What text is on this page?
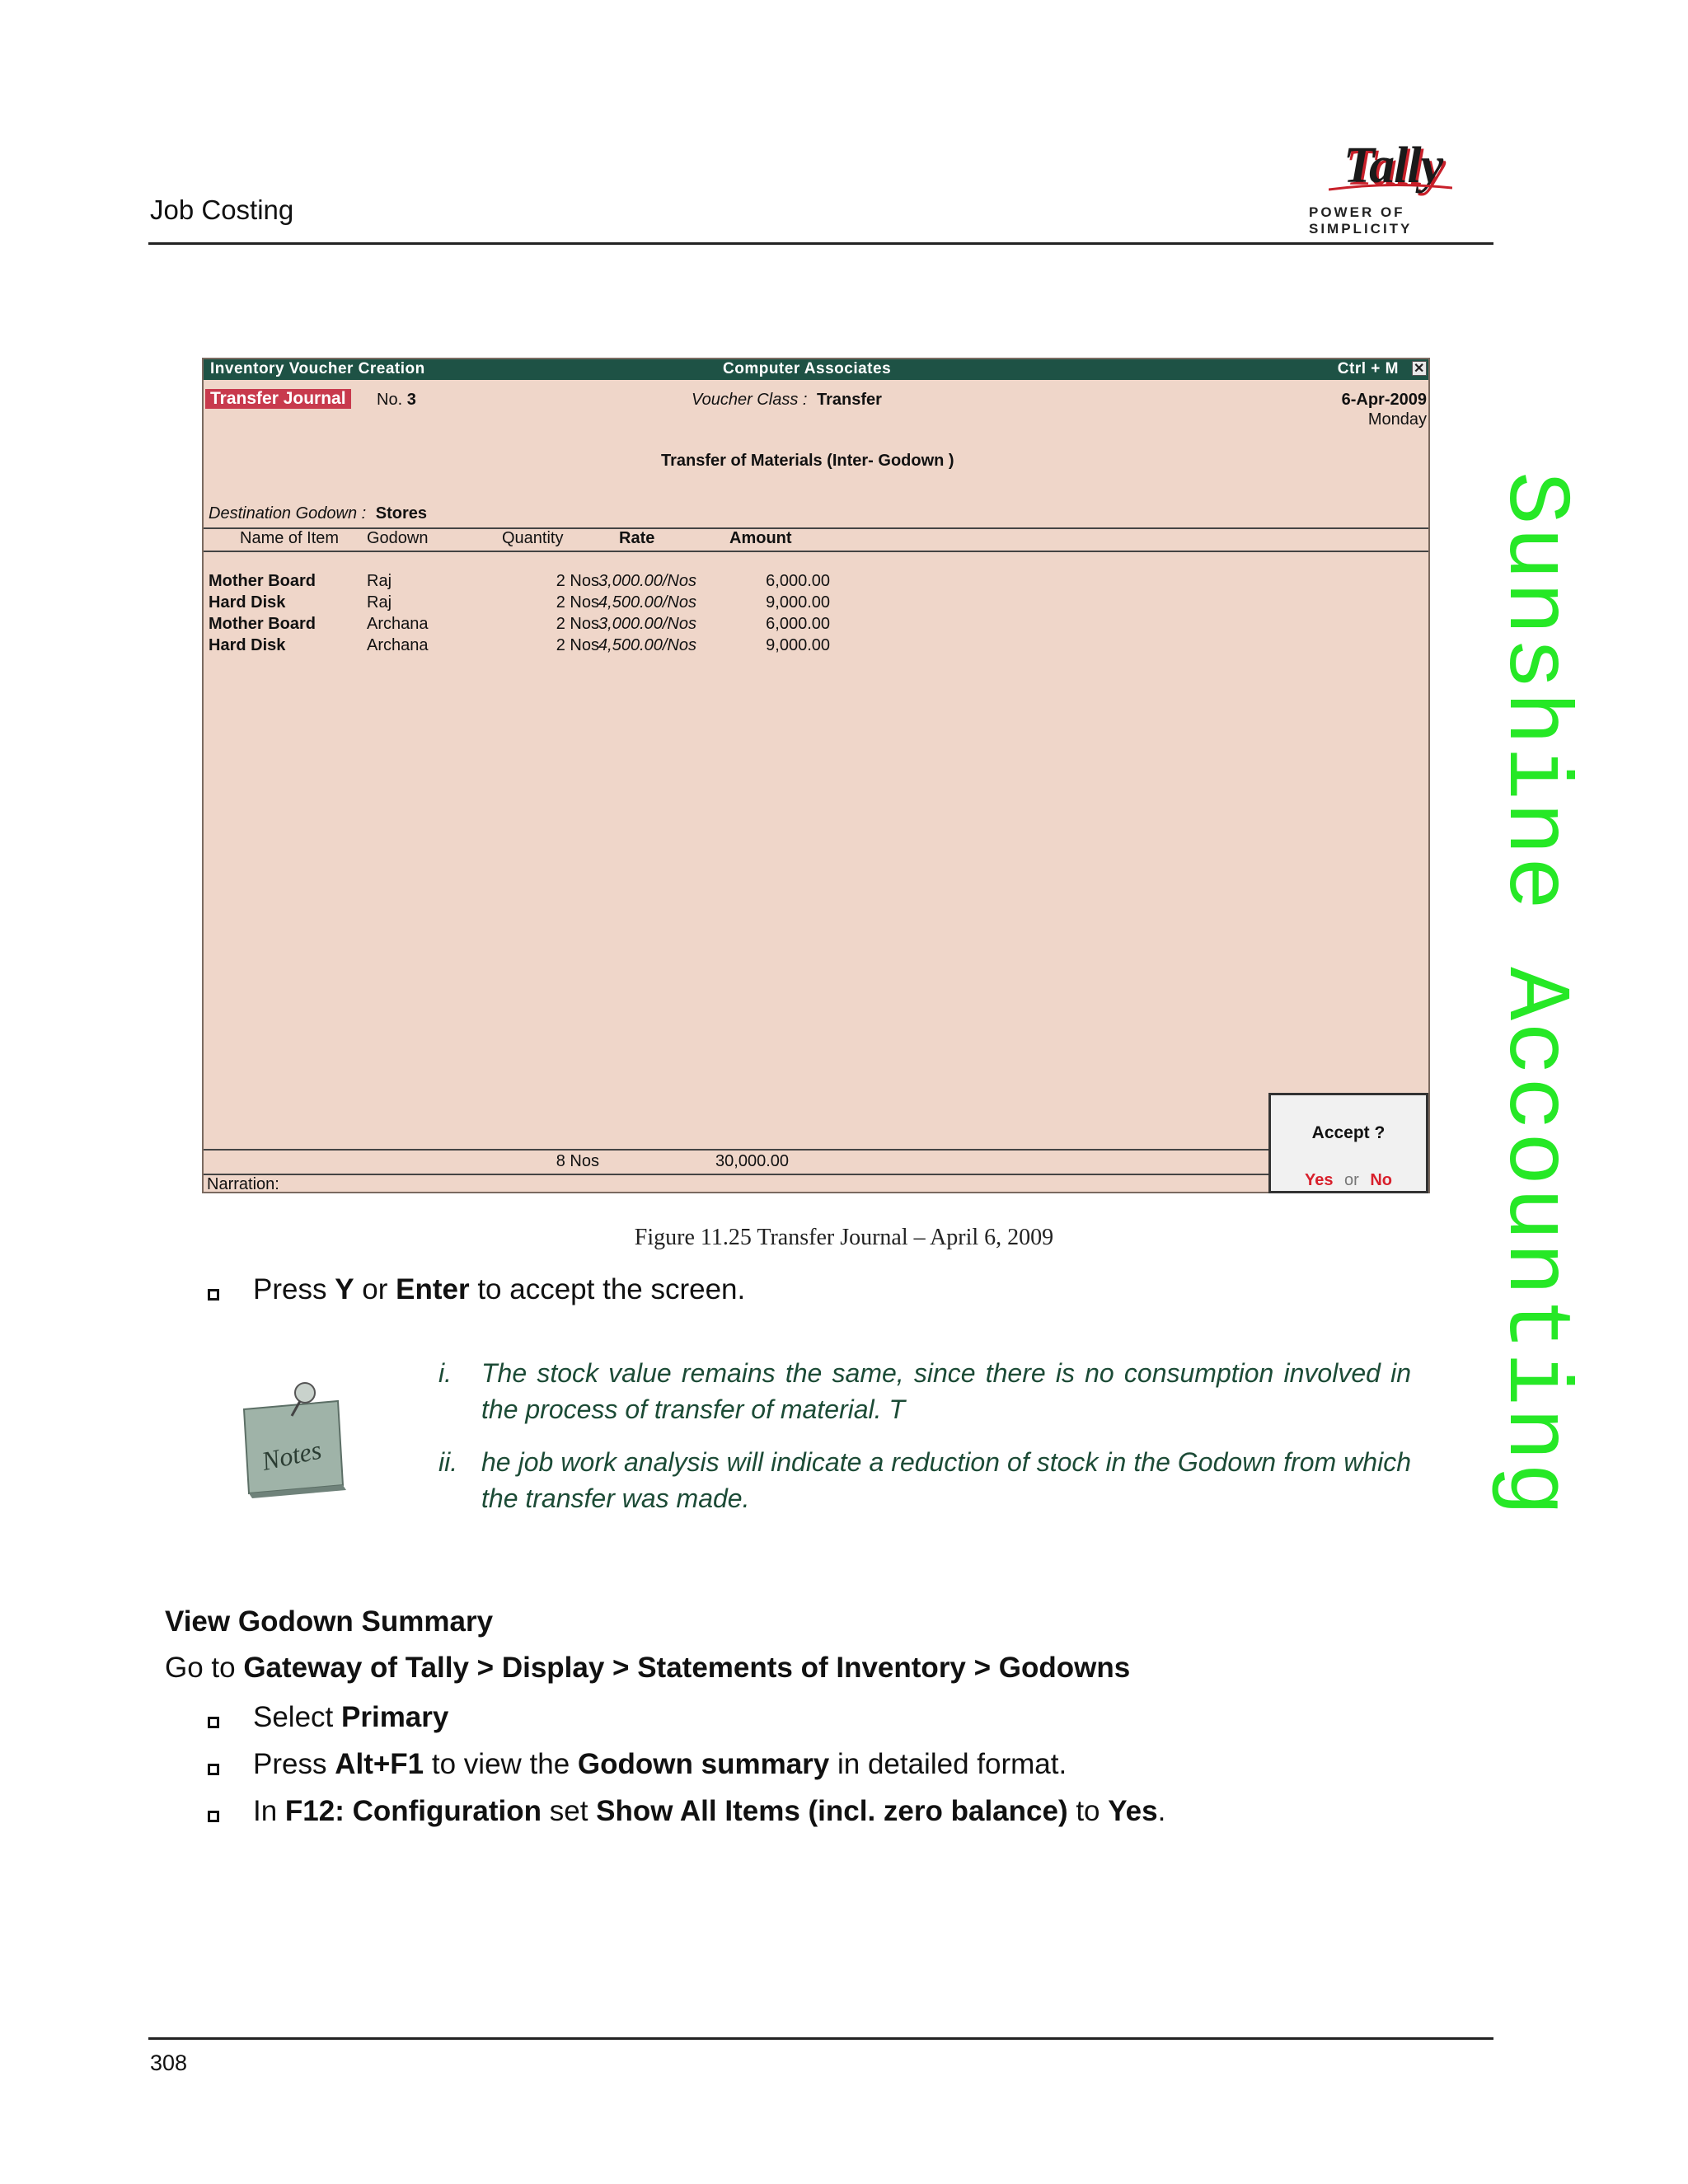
Job Costing
Tally
POWER OF SIMPLICITY
Sunshine Accounting
Inventory Voucher Creation	Computer Associates	Ctrl + M ✕
Transfer Journal	No. 3	Voucher Class : Transfer	6-Apr-2009
Monday
Transfer of Materials (Inter- Godown )
Destination Godown : Stores
Name of Item Godown	Quantity	Rate	Amount
Mother Board	Raj	2 Nos 3,000.00/Nos	6,000.00
Hard Disk	Raj	2 Nos 4,500.00/Nos	9,000.00
Mother Board	Archana	2 Nos 3,000.00/Nos	6,000.00
Hard Disk	Archana	2 Nos 4,500.00/Nos	9,000.00
8 Nos	30,000.00
Narration:
Accept ?
Yes or No
Figure 11.25 Transfer Journal – April 6, 2009
Press Y or Enter to accept the screen.
Notes
i. The stock value remains the same, since there is no consumption involved in the process of transfer of material. T
ii. he job work analysis will indicate a reduction of stock in the Godown from which the transfer was made.
View Godown Summary
Go to Gateway of Tally > Display > Statements of Inventory > Godowns
Select Primary
Press Alt+F1 to view the Godown summary in detailed format.
In F12: Configuration set Show All Items (incl. zero balance) to Yes.
308
